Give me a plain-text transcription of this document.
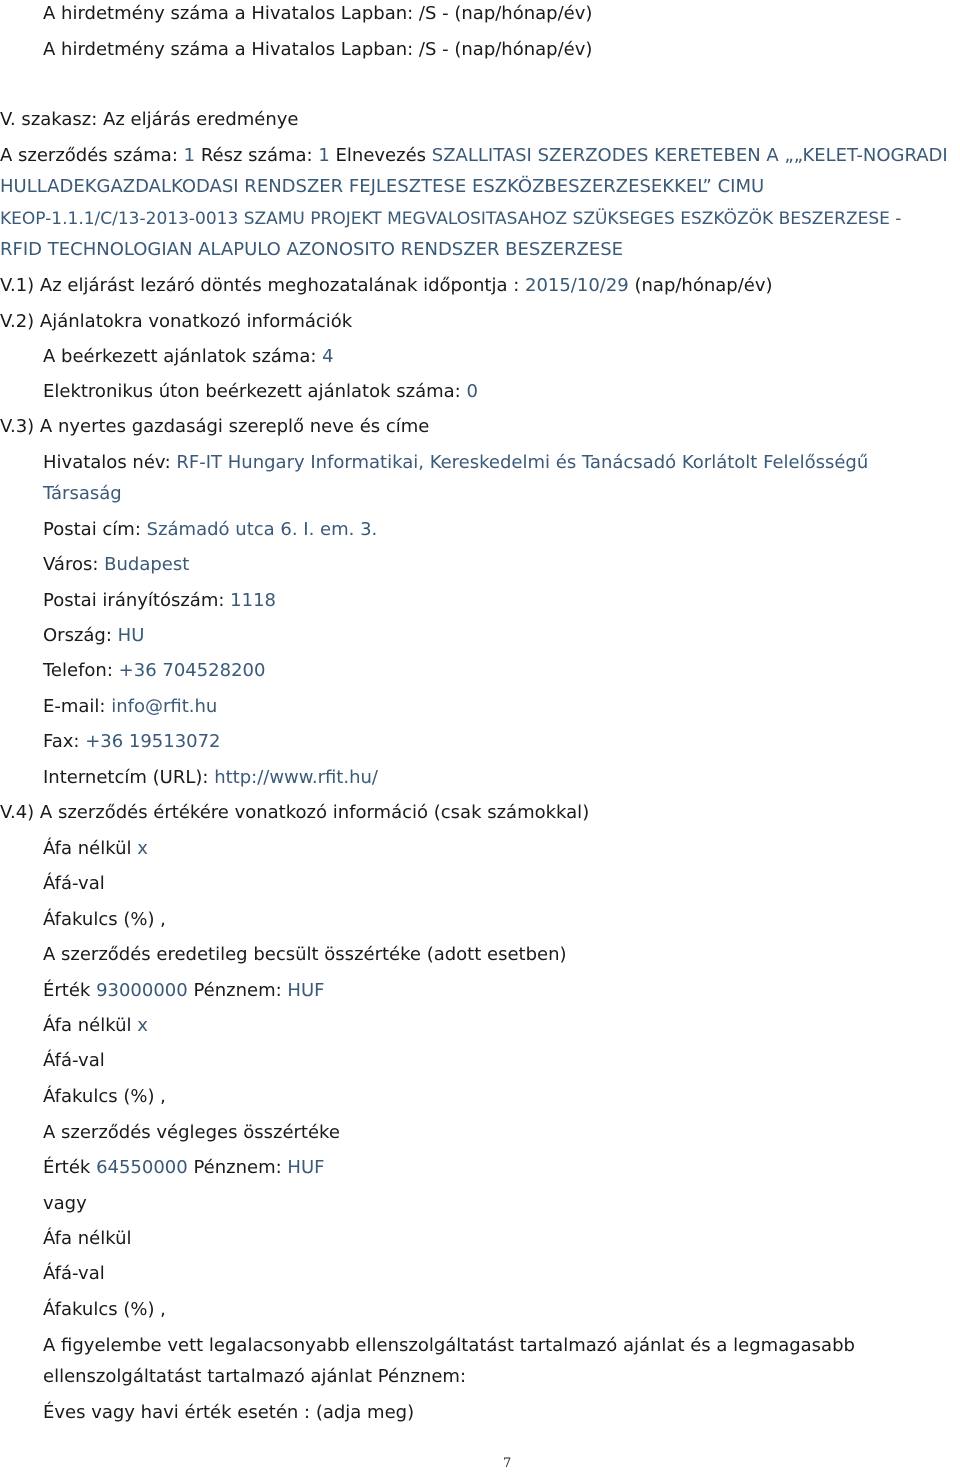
A hirdetmény száma a Hivatalos Lapban: /S - (nap/hónap/év)
A hirdetmény száma a Hivatalos Lapban: /S - (nap/hónap/év)
V. szakasz: Az eljárás eredménye
A szerződés száma: 1 Rész száma: 1 Elnevezés SZALLITASI SZERZODES KERETEBEN A „„KELET-NOGRADI
HULLADEKGAZDALKODASI RENDSZER FEJLESZTESE ESZKÖZBESZERZESEKKEL” CIMU
KEOP-1.1.1/C/13-2013-0013 SZAMU PROJEKT MEGVALOSITASAHOZ SZÜKSEGES ESZKÖZÖK BESZERZESE -
RFID TECHNOLOGIAN ALAPULO AZONOSITO RENDSZER BESZERZESE
V.1) Az eljárást lezáró döntés meghozatalának időpontja : 2015/10/29 (nap/hónap/év)
V.2) Ajánlatokra vonatkozó információk
A beérkezett ajánlatok száma: 4
Elektronikus úton beérkezett ajánlatok száma: 0
V.3) A nyertes gazdasági szereplő neve és címe
Hivatalos név: RF-IT Hungary Informatikai, Kereskedelmi és Tanácsadó Korlátolt Felelősségű
Társaság
Postai cím: Számadó utca 6. I. em. 3.
Város: Budapest
Postai irányítószám: 1118
Ország: HU
Telefon: +36 704528200
E-mail: info@rfit.hu
Fax: +36 19513072
Internetcím (URL): http://www.rfit.hu/
V.4) A szerződés értékére vonatkozó információ (csak számokkal)
Áfa nélkül x
Áfá-val
Áfakulcs (%) ,
A szerződés eredetileg becsült összértéke (adott esetben)
Érték 93000000 Pénznem: HUF
Áfa nélkül x
Áfá-val
Áfakulcs (%) ,
A szerződés végleges összértéke
Érték 64550000 Pénznem: HUF
vagy
Áfa nélkül
Áfá-val
Áfakulcs (%) ,
A figyelembe vett legalacsonyabb ellenszolgáltatást tartalmazó ajánlat és a legmagasabb
ellenszolgáltatást tartalmazó ajánlat Pénznem:
Éves vagy havi érték esetén : (adja meg)
7
